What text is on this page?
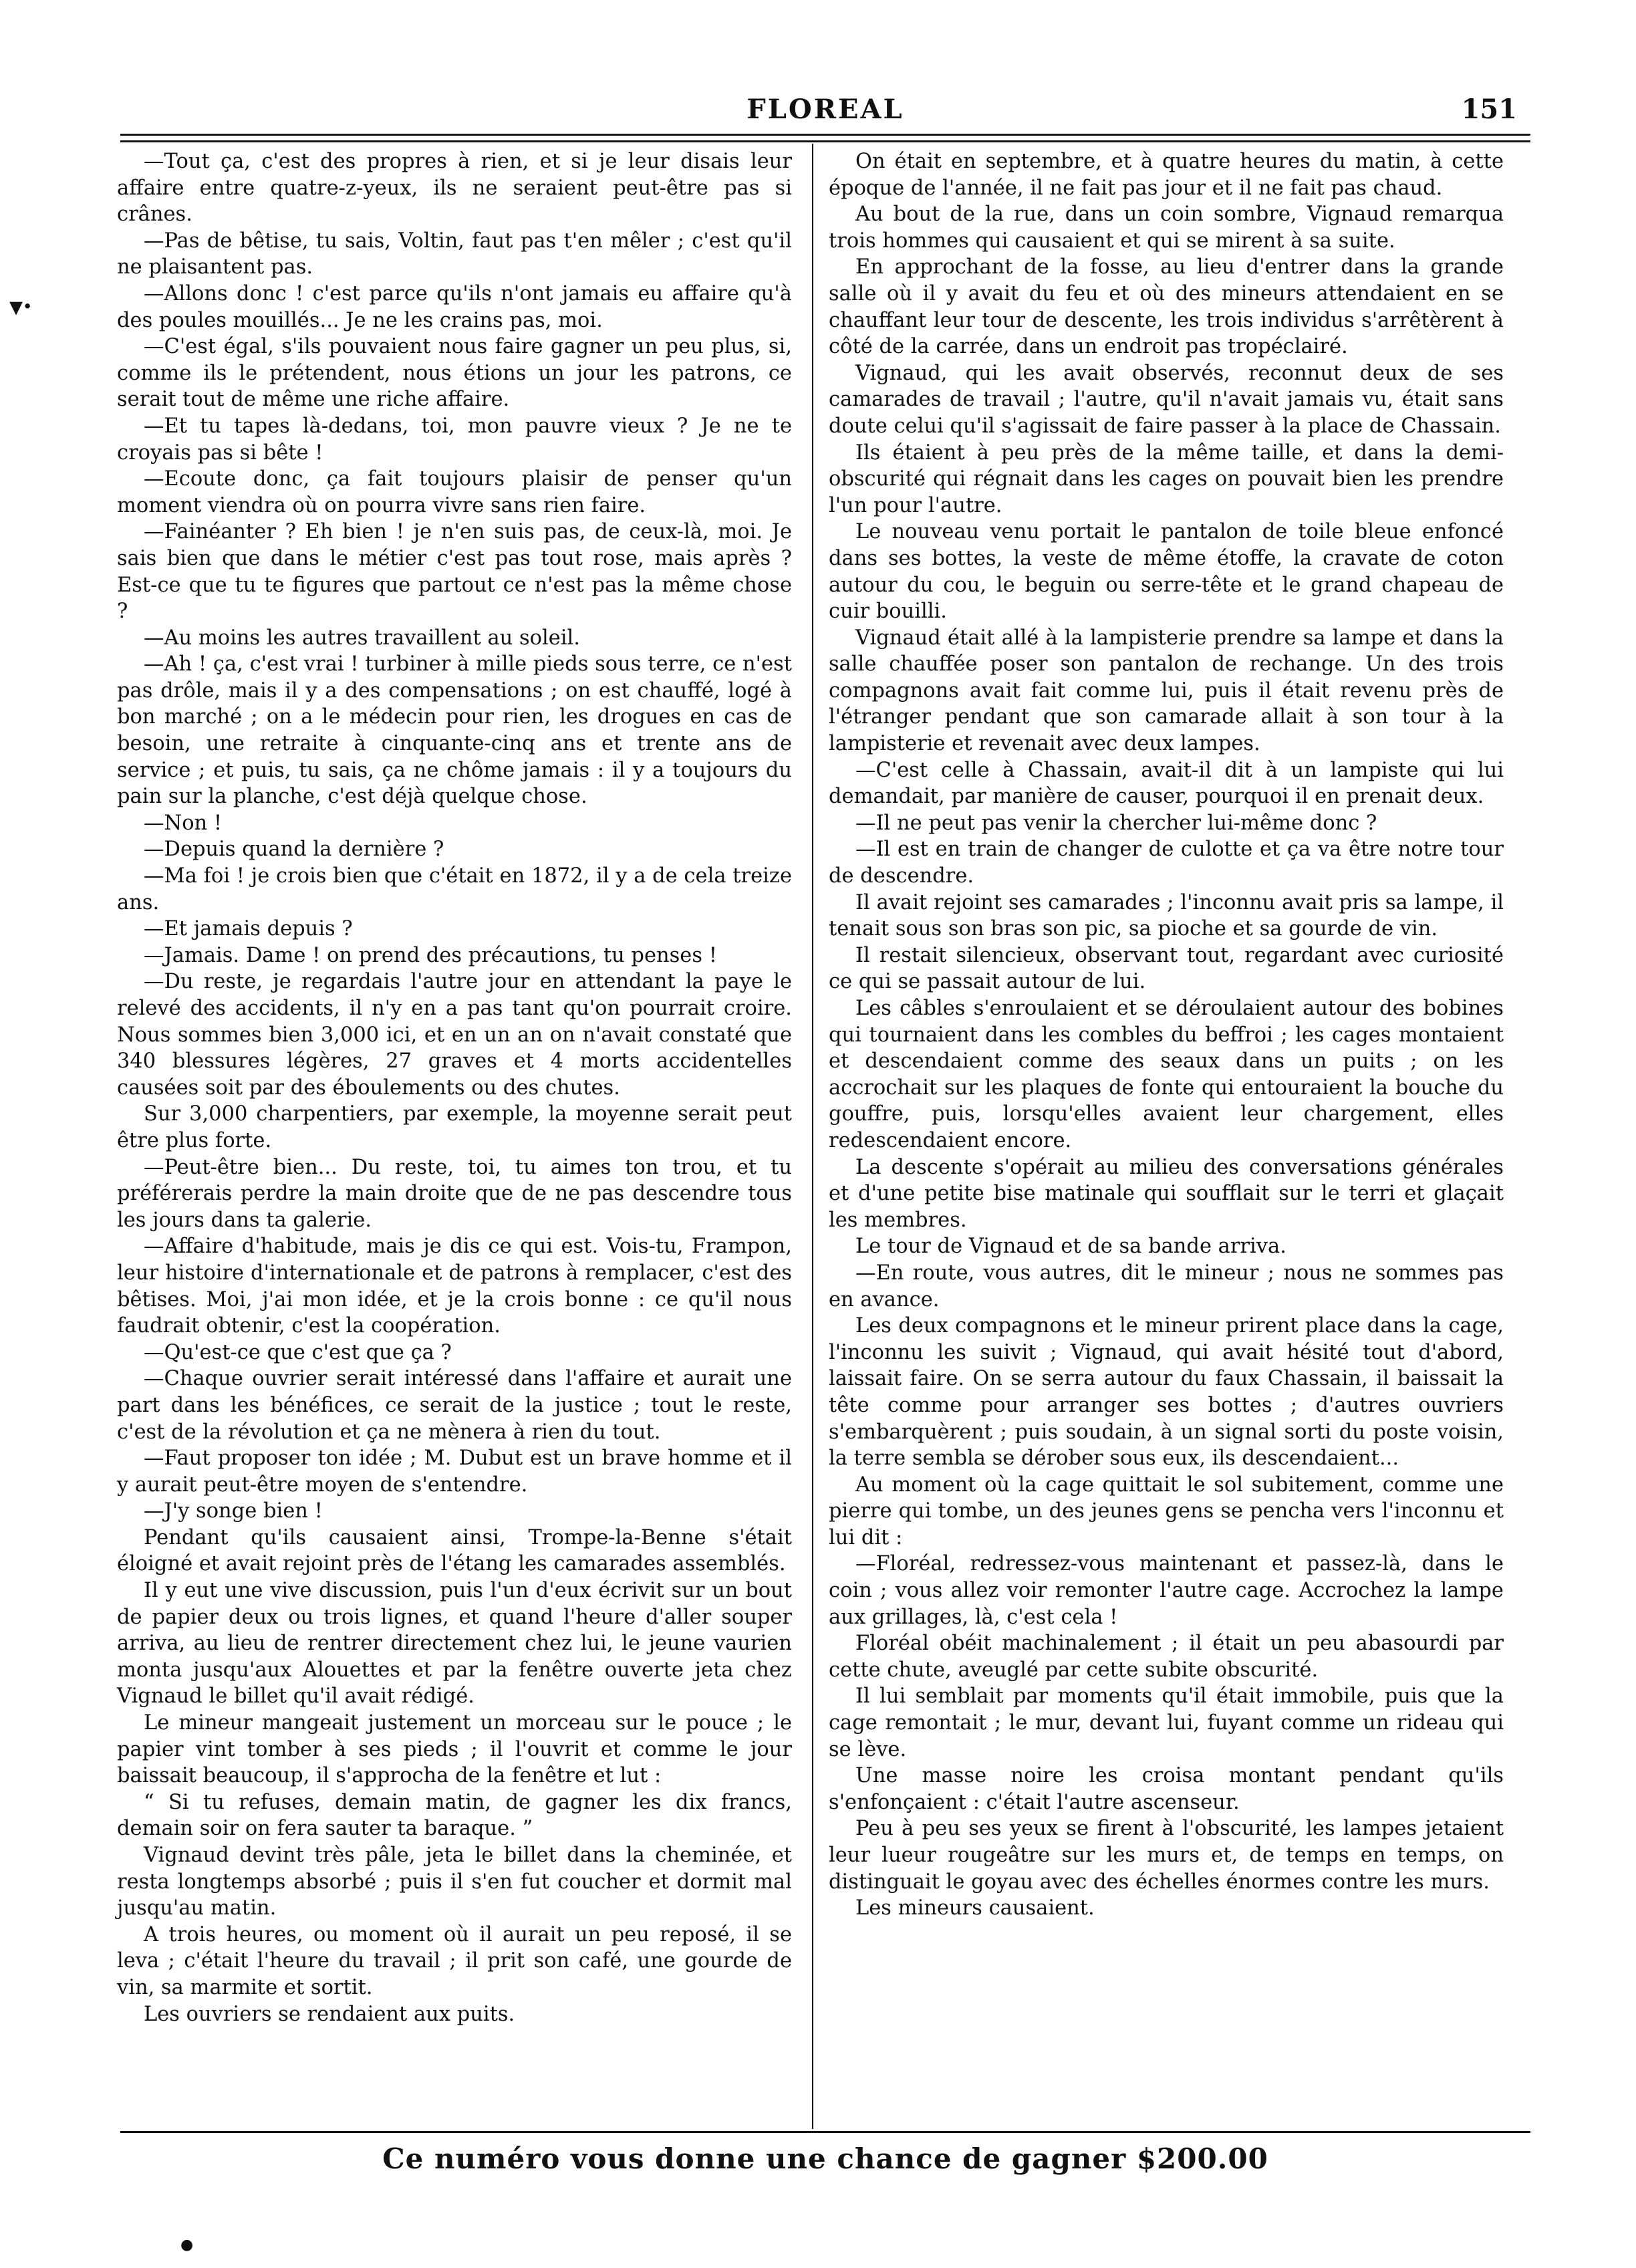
FLOREAL	151
▾·

—Tout ça, c'est des propres à rien, et si je leur disais leur affaire entre quatre-z-yeux, ils ne seraient peut-être pas si crânes.

—Pas de bêtise, tu sais, Voltin, faut pas t'en mêler ; c'est qu'il ne plaisantent pas.

—Allons donc ! c'est parce qu'ils n'ont jamais eu affaire qu'à des poules mouillés... Je ne les crains pas, moi.

—C'est égal, s'ils pouvaient nous faire gagner un peu plus, si, comme ils le prétendent, nous étions un jour les patrons, ce serait tout de même une riche affaire.

—Et tu tapes là-dedans, toi, mon pauvre vieux ? Je ne te croyais pas si bête !

—Ecoute donc, ça fait toujours plaisir de penser qu'un moment viendra où on pourra vivre sans rien faire.

—Fainéanter ? Eh bien ! je n'en suis pas, de ceux-là, moi. Je sais bien que dans le métier c'est pas tout rose, mais après ? Est-ce que tu te figures que partout ce n'est pas la même chose ?

—Au moins les autres travaillent au soleil.

—Ah ! ça, c'est vrai ! turbiner à mille pieds sous terre, ce n'est pas drôle, mais il y a des compensations ; on est chauffé, logé à bon marché ; on a le médecin pour rien, les drogues en cas de besoin, une retraite à cinquante-cinq ans et trente ans de service ; et puis, tu sais, ça ne chôme jamais : il y a toujours du pain sur la planche, c'est déjà quelque chose.

—Non !

—Depuis quand la dernière ?

—Ma foi ! je crois bien que c'était en 1872, il y a de cela treize ans.

—Et jamais depuis ?

—Jamais. Dame ! on prend des précautions, tu penses !

—Du reste, je regardais l'autre jour en attendant la paye le relevé des accidents, il n'y en a pas tant qu'on pourrait croire. Nous sommes bien 3,000 ici, et en un an on n'avait constaté que 340 blessures légères, 27 graves et 4 morts accidentelles causées soit par des éboulements ou des chutes.

Sur 3,000 charpentiers, par exemple, la moyenne serait peut être plus forte.

—Peut-être bien... Du reste, toi, tu aimes ton trou, et tu préférerais perdre la main droite que de ne pas descendre tous les jours dans ta galerie.

—Affaire d'habitude, mais je dis ce qui est. Vois-tu, Frampon, leur histoire d'internationale et de patrons à remplacer, c'est des bêtises. Moi, j'ai mon idée, et je la crois bonne : ce qu'il nous faudrait obtenir, c'est la coopération.

—Qu'est-ce que c'est que ça ?

—Chaque ouvrier serait intéressé dans l'affaire et aurait une part dans les bénéfices, ce serait de la justice ; tout le reste, c'est de la révolution et ça ne mènera à rien du tout.

—Faut proposer ton idée ; M. Dubut est un brave homme et il y aurait peut-être moyen de s'entendre.

—J'y songe bien !

Pendant qu'ils causaient ainsi, Trompe-la-Benne s'était éloigné et avait rejoint près de l'étang les camarades assemblés.

Il y eut une vive discussion, puis l'un d'eux écrivit sur un bout de papier deux ou trois lignes, et quand l'heure d'aller souper arriva, au lieu de rentrer directement chez lui, le jeune vaurien monta jusqu'aux Alouettes et par la fenêtre ouverte jeta chez Vignaud le billet qu'il avait rédigé.

Le mineur mangeait justement un morceau sur le pouce ; le papier vint tomber à ses pieds ; il l'ouvrit et comme le jour baissait beaucoup, il s'approcha de la fenêtre et lut :

“ Si tu refuses, demain matin, de gagner les dix francs, demain soir on fera sauter ta baraque. ”

Vignaud devint très pâle, jeta le billet dans la cheminée, et resta longtemps absorbé ; puis il s'en fut coucher et dormit mal jusqu'au matin.

A trois heures, ou moment où il aurait un peu reposé, il se leva ; c'était l'heure du travail ; il prit son café, une gourde de vin, sa marmite et sortit.

Les ouvriers se rendaient aux puits.

On était en septembre, et à quatre heures du matin, à cette époque de l'année, il ne fait pas jour et il ne fait pas chaud.

Au bout de la rue, dans un coin sombre, Vignaud remarqua trois hommes qui causaient et qui se mirent à sa suite.

En approchant de la fosse, au lieu d'entrer dans la grande salle où il y avait du feu et où des mineurs attendaient en se chauffant leur tour de descente, les trois individus s'arrêtèrent à côté de la carrée, dans un endroit pas tropéclairé.

Vignaud, qui les avait observés, reconnut deux de ses camarades de travail ; l'autre, qu'il n'avait jamais vu, était sans doute celui qu'il s'agissait de faire passer à la place de Chassain.

Ils étaient à peu près de la même taille, et dans la demi-obscurité qui régnait dans les cages on pouvait bien les prendre l'un pour l'autre.

Le nouveau venu portait le pantalon de toile bleue enfoncé dans ses bottes, la veste de même étoffe, la cravate de coton autour du cou, le beguin ou serre-tête et le grand chapeau de cuir bouilli.

Vignaud était allé à la lampisterie prendre sa lampe et dans la salle chauffée poser son pantalon de rechange. Un des trois compagnons avait fait comme lui, puis il était revenu près de l'étranger pendant que son camarade allait à son tour à la lampisterie et revenait avec deux lampes.

—C'est celle à Chassain, avait-il dit à un lampiste qui lui demandait, par manière de causer, pourquoi il en prenait deux.

—Il ne peut pas venir la chercher lui-même donc ?

—Il est en train de changer de culotte et ça va être notre tour de descendre.

Il avait rejoint ses camarades ; l'inconnu avait pris sa lampe, il tenait sous son bras son pic, sa pioche et sa gourde de vin.

Il restait silencieux, observant tout, regardant avec curiosité ce qui se passait autour de lui.

Les câbles s'enroulaient et se déroulaient autour des bobines qui tournaient dans les combles du beffroi ; les cages montaient et descendaient comme des seaux dans un puits ; on les accrochait sur les plaques de fonte qui entouraient la bouche du gouffre, puis, lorsqu'elles avaient leur chargement, elles redescendaient encore.

La descente s'opérait au milieu des conversations générales et d'une petite bise matinale qui soufflait sur le terri et glaçait les membres.

Le tour de Vignaud et de sa bande arriva.

—En route, vous autres, dit le mineur ; nous ne sommes pas en avance.

Les deux compagnons et le mineur prirent place dans la cage, l'inconnu les suivit ; Vignaud, qui avait hésité tout d'abord, laissait faire. On se serra autour du faux Chassain, il baissait la tête comme pour arranger ses bottes ; d'autres ouvriers s'embarquèrent ; puis soudain, à un signal sorti du poste voisin, la terre sembla se dérober sous eux, ils descendaient...

Au moment où la cage quittait le sol subitement, comme une pierre qui tombe, un des jeunes gens se pencha vers l'inconnu et lui dit :

—Floréal, redressez-vous maintenant et passez-là, dans le coin ; vous allez voir remonter l'autre cage. Accrochez la lampe aux grillages, là, c'est cela !

Floréal obéit machinalement ; il était un peu abasourdi par cette chute, aveuglé par cette subite obscurité.

Il lui semblait par moments qu'il était immobile, puis que la cage remontait ; le mur, devant lui, fuyant comme un rideau qui se lève.

Une masse noire les croisa montant pendant qu'ils s'enfonçaient : c'était l'autre ascenseur.

Peu à peu ses yeux se firent à l'obscurité, les lampes jetaient leur lueur rougeâtre sur les murs et, de temps en temps, on distinguait le goyau avec des échelles énormes contre les murs.

Les mineurs causaient.

Ce numéro vous donne une chance de gagner $200.00
●
